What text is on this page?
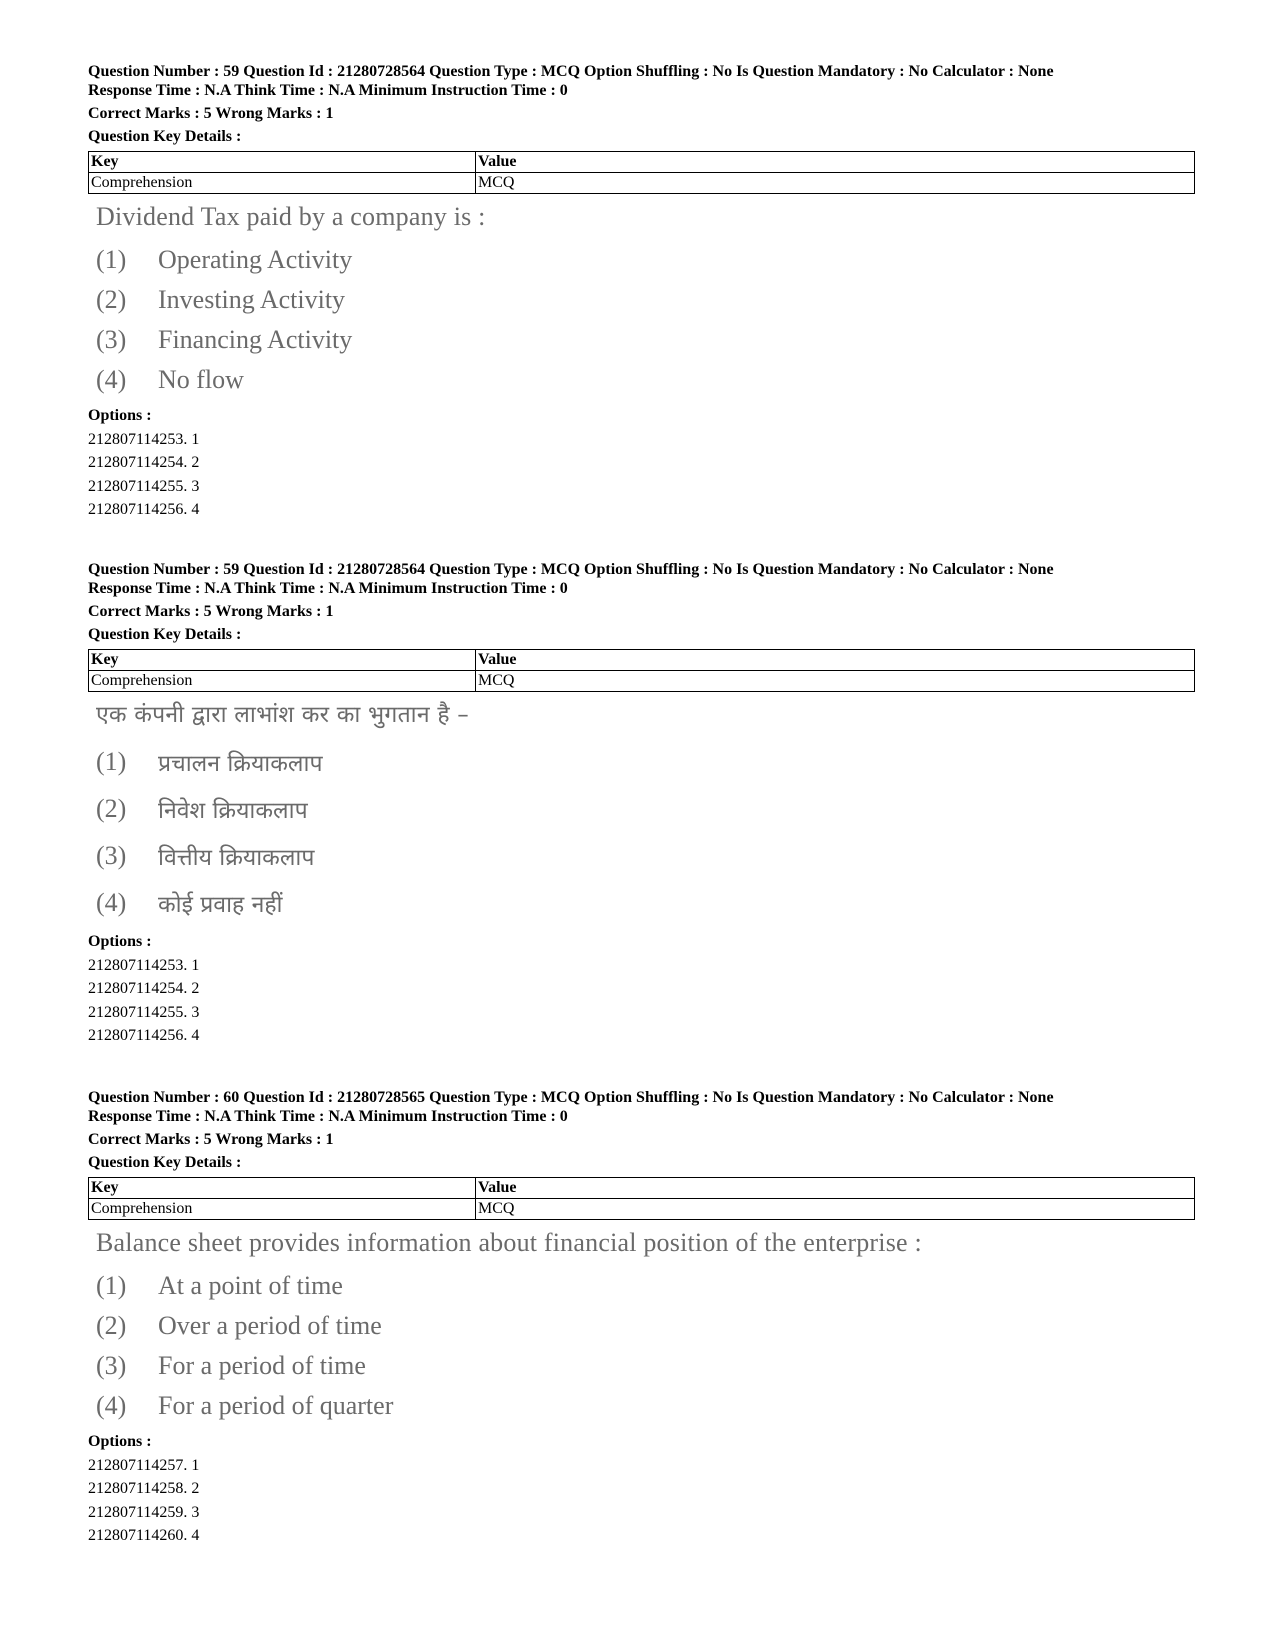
Question Number : 59 Question Id : 21280728564 Question Type : MCQ Option Shuffling : No Is Question Mandatory : No Calculator : None
Response Time : N.A Think Time : N.A Minimum Instruction Time : 0
Correct Marks : 5 Wrong Marks : 1
Question Key Details :
Key	Value
Comprehension	MCQ
Dividend Tax paid by a company is :
(1)	Operating Activity
(2)	Investing Activity
(3)	Financing Activity
(4)	No flow
Options :
212807114253. 1
212807114254. 2
212807114255. 3
212807114256. 4
Question Number : 59 Question Id : 21280728564 Question Type : MCQ Option Shuffling : No Is Question Mandatory : No Calculator : None
Response Time : N.A Think Time : N.A Minimum Instruction Time : 0
Correct Marks : 5 Wrong Marks : 1
Question Key Details :
Key	Value
Comprehension	MCQ
एक कंपनी द्वारा लाभांश कर का भुगतान है –
(1)	प्रचालन क्रियाकलाप
(2)	निवेश क्रियाकलाप
(3)	वित्तीय क्रियाकलाप
(4)	कोई प्रवाह नहीं
Options :
212807114253. 1
212807114254. 2
212807114255. 3
212807114256. 4
Question Number : 60 Question Id : 21280728565 Question Type : MCQ Option Shuffling : No Is Question Mandatory : No Calculator : None
Response Time : N.A Think Time : N.A Minimum Instruction Time : 0
Correct Marks : 5 Wrong Marks : 1
Question Key Details :
Key	Value
Comprehension	MCQ
Balance sheet provides information about financial position of the enterprise :
(1)	At a point of time
(2)	Over a period of time
(3)	For a period of time
(4)	For a period of quarter
Options :
212807114257. 1
212807114258. 2
212807114259. 3
212807114260. 4
